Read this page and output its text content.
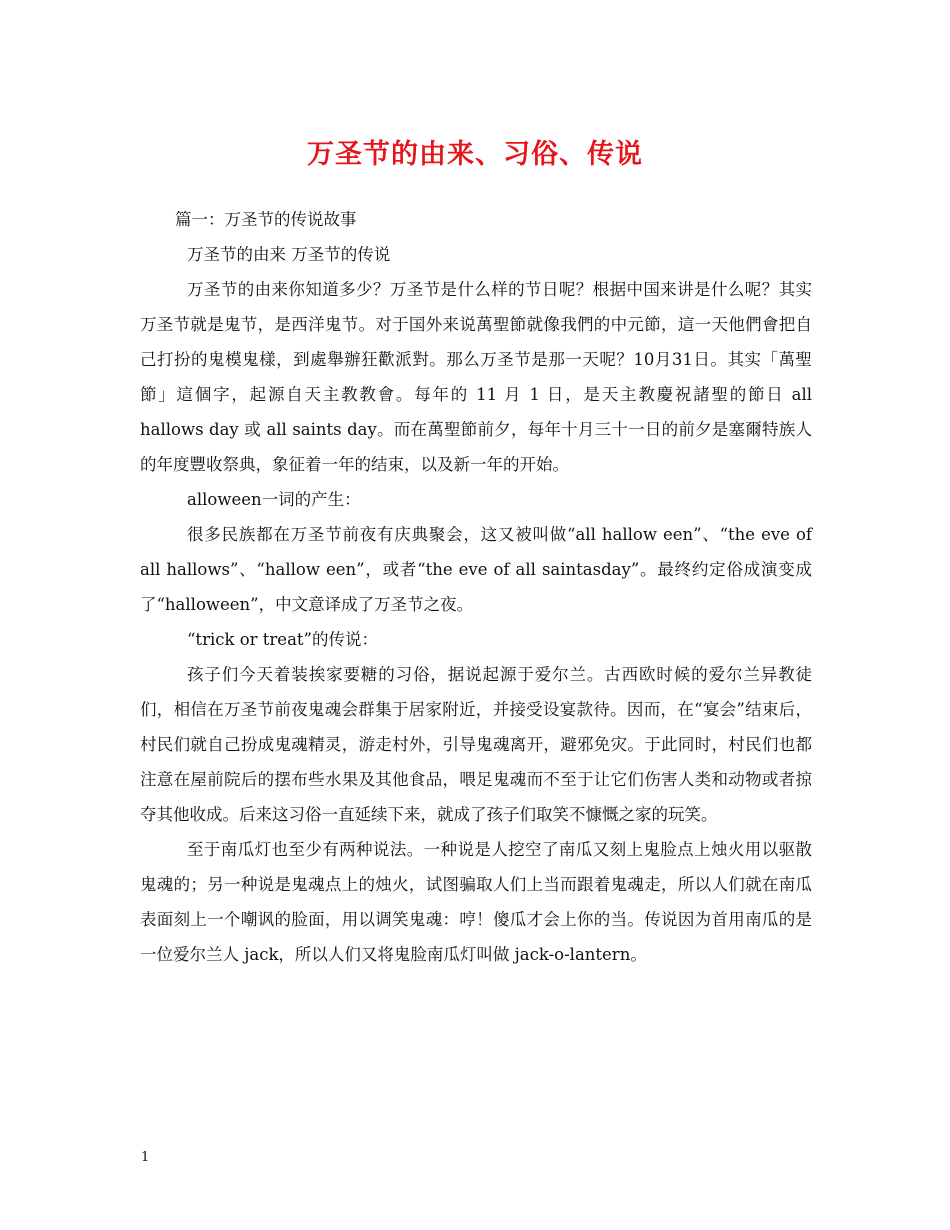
万圣节的由来、习俗、传说

篇一：万圣节的传说故事

万圣节的由来 万圣节的传说

万圣节的由来你知道多少？万圣节是什么样的节日呢？根据中国来讲是什么呢？其实万圣节就是鬼节，是西洋鬼节。对于国外来说萬聖節就像我們的中元節，這一天他們會把自己打扮的鬼模鬼樣，到處舉辦狂歡派對。那么万圣节是那一天呢？10月31日。其实「萬聖節」這個字，起源自天主教教會。每年的 11 月 1 日，是天主教慶祝諸聖的節日 all hallows day 或 all saints day。而在萬聖節前夕，每年十月三十一日的前夕是塞爾特族人的年度豐收祭典，象征着一年的结束，以及新一年的开始。

alloween一词的产生：

很多民族都在万圣节前夜有庆典聚会，这又被叫做“all hallow een”、“the eve of all hallows”、“hallow een”，或者“the eve of all saintasday”。最终约定俗成演变成了“halloween”，中文意译成了万圣节之夜。

“trick or treat”的传说：

孩子们今天着装挨家要糖的习俗，据说起源于爱尔兰。古西欧时候的爱尔兰异教徒们，相信在万圣节前夜鬼魂会群集于居家附近，并接受设宴款待。因而，在“宴会”结束后，村民们就自己扮成鬼魂精灵，游走村外，引导鬼魂离开，避邪免灾。于此同时，村民们也都注意在屋前院后的摆布些水果及其他食品，喂足鬼魂而不至于让它们伤害人类和动物或者掠夺其他收成。后来这习俗一直延续下来，就成了孩子们取笑不慷慨之家的玩笑。

至于南瓜灯也至少有两种说法。一种说是人挖空了南瓜又刻上鬼脸点上烛火用以驱散鬼魂的；另一种说是鬼魂点上的烛火，试图骗取人们上当而跟着鬼魂走，所以人们就在南瓜表面刻上一个嘲讽的脸面，用以调笑鬼魂：哼！傻瓜才会上你的当。传说因为首用南瓜的是一位爱尔兰人 jack，所以人们又将鬼脸南瓜灯叫做 jack-o-lantern。

1
